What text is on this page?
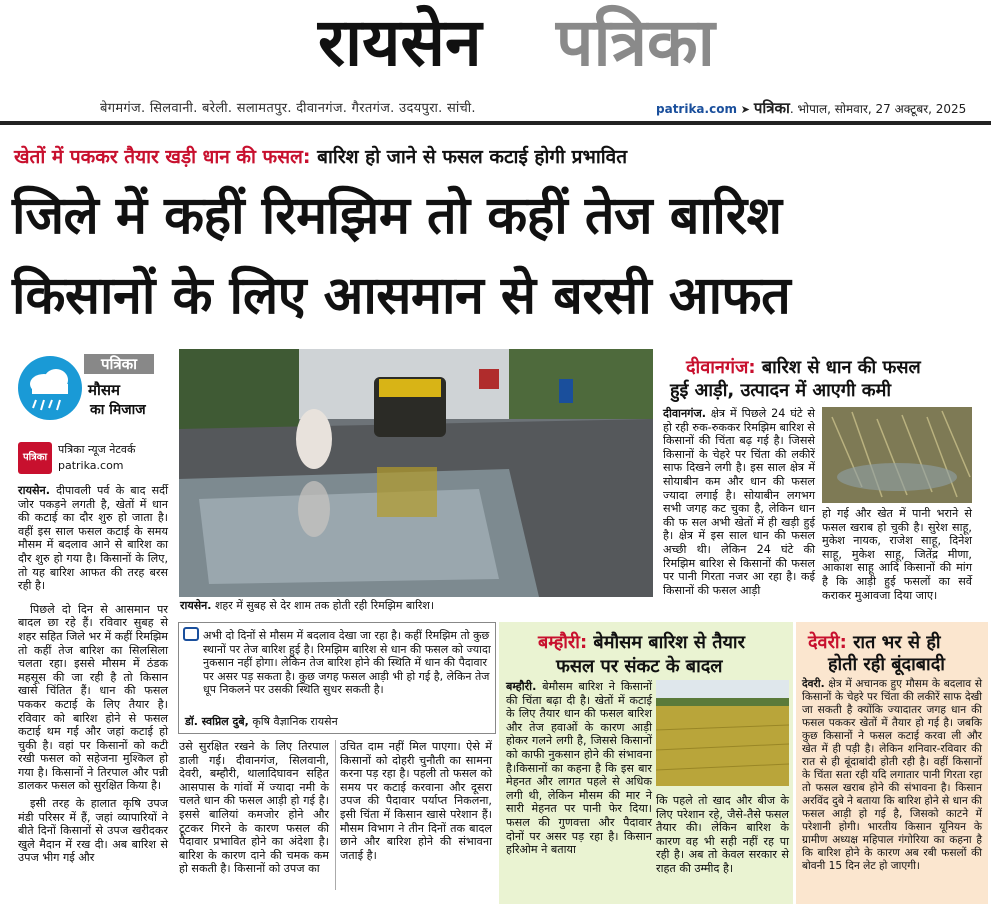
रायसेन पत्रिका
बेगमगंज. सिलवानी. बरेली. सलामतपुर. दीवानगंज. गैरतगंज. उदयपुरा. सांची.	patrika.com ➤ पत्रिका. भोपाल, सोमवार, 27 अक्टूबर, 2025
खेतों में पककर तैयार खड़ी धान की फसल: बारिश हो जाने से फसल कटाई होगी प्रभावित
जिले में कहीं रिमझिम तो कहीं तेज बारिश
किसानों के लिए आसमान से बरसी आफत
पत्रिका
मौसम
का मिजाज
पत्रिका
पत्रिका न्यूज नेटवर्क
patrika.com

रायसेन. दीपावली पर्व के बाद सर्दी जोर पकड़ने लगती है, खेतों में धान की कटाई का दौर शुरु हो जाता है। वहीं इस साल फसल कटाई के समय मौसम में बदलाव आने से बारिश का दौर शुरु हो गया है। किसानों के लिए, तो यह बारिश आफत की तरह बरस रही है।

पिछले दो दिन से आसमान पर बादल छा रहे हैं। रविवार सुबह से शहर सहित जिले भर में कहीं रिमझिम तो कहीं तेज बारिश का सिलसिला चलता रहा। इससे मौसम में ठंडक महसूस की जा रही है तो किसान खासे चिंतित हैं। धान की फसल पककर कटाई के लिए तैयार है। रविवार को बारिश होने से फसल कटाई थम गई और जहां कटाई हो चुकी है। वहां पर किसानों को कटी रखी फसल को सहेजना मुश्किल हो गया है। किसानों ने तिरपाल और पन्नी डालकर फसल को सुरक्षित किया है।

इसी तरह के हालात कृषि उपज मंडी परिसर में हैं, जहां व्यापारियों ने बीते दिनों किसानों से उपज खरीदकर खुले मैदान में रख दी। अब बारिश से उपज भीग गई और

रायसेन. शहर में सुबह से देर शाम तक होती रही रिमझिम बारिश।
अभी दो दिनों से मौसम में बदलाव देखा जा रहा है। कहीं रिमझिम तो कुछ स्थानों पर तेज बारिश हुई है। रिमझिम बारिश से धान की फसल को ज्यादा नुकसान नहीं होगा। लेकिन तेज बारिश होने की स्थिति में धान की पैदावार पर असर पड़ सकता है। कुछ जगह फसल आड़ी भी हो गई है, लेकिन तेज धूप निकलने पर उसकी स्थिति सुधर सकती है।
डॉ. स्वप्निल दुबे, कृषि वैज्ञानिक रायसेन
उसे सुरक्षित रखने के लिए तिरपाल डाली गई। दीवानगंज, सिलवानी, देवरी, बम्हौरी, थालादिघावन सहित आसपास के गांवों में ज्यादा नमी के चलते धान की फसल आड़ी हो गई है। इससे बालियां कमजोर होने और टूटकर गिरने के कारण फसल की पैदावार प्रभावित होने का अंदेशा है। बारिश के कारण दाने की चमक कम हो सकती है। किसानों को उपज का
उचित दाम नहीं मिल पाएगा। ऐसे में किसानों को दोहरी चुनौती का सामना करना पड़ रहा है। पहली तो फसल को समय पर कटाई करवाना और दूसरा उपज की पैदावार पर्याप्त निकलना, इसी चिंता में किसान खासे परेशान हैं। मौसम विभाग ने तीन दिनों तक बादल छाने और बारिश होने की संभावना जताई है।
दीवानगंज: बारिश से धान की फसल
हुई आड़ी, उत्पादन में आएगी कमी
दीवानगंज. क्षेत्र में पिछले 24 घंटे से हो रही रुक-रुककर रिमझिम बारिश से किसानों की चिंता बढ़ गई है। जिससे किसानों के चेहरे पर चिंता की लकीरें साफ दिखने लगी है। इस साल क्षेत्र में सोयाबीन कम और धान की फसल ज्यादा लगाई है। सोयाबीन लगभग सभी जगह कट चुका है, लेकिन धान की फ सल अभी खेतों में ही खड़ी हुई है। क्षेत्र में इस साल धान की फसल अच्छी थी। लेकिन 24 घंटे की रिमझिम बारिश से किसानों की फसल पर पानी गिरता नजर आ रहा है। कई किसानों की फसल आड़ी
हो गई और खेत में पानी भराने से फसल खराब हो चुकी है। सुरेश साहू, मुकेश नायक, राजेश साहू, दिनेश साहू, मुकेश साहू, जितेंद्र मीणा, आकाश साहू आदि किसानों की मांग है कि आड़ी हुई फसलों का सर्वे कराकर मुआवजा दिया जाए।
बम्हौरी: बेमौसम बारिश से तैयार
फसल पर संकट के बादल
बम्हौरी. बेमौसम बारिश ने किसानों की चिंता बढ़ा दी है। खेतों में कटाई के लिए तैयार धान की फसल बारिश और तेज हवाओं के कारण आड़ी होकर गलने लगी है, जिससे किसानों को काफी नुकसान होने की संभावना है।किसानों का कहना है कि इस बार मेहनत और लागत पहले से अधिक लगी थी, लेकिन मौसम की मार ने सारी मेहनत पर पानी फेर दिया। फसल की गुणवत्ता और पैदावार दोनों पर असर पड़ रहा है। किसान हरिओम ने बताया
कि पहले तो खाद और बीज के लिए परेशान रहे, जैसे-तैसे फसल तैयार की। लेकिन बारिश के कारण वह भी सही नहीं रह पा रही है। अब तो केवल सरकार से राहत की उम्मीद है।
देवरी: रात भर से ही
होती रही बूंदाबादी
देवरी. क्षेत्र में अचानक हुए मौसम के बदलाव से किसानों के चेहरे पर चिंता की लकीरें साफ देखी जा सकती है क्योंकि ज्यादातर जगह धान की फसल पककर खेतों में तैयार हो गई है। जबकि कुछ किसानों ने फसल कटाई करवा ली और खेत में ही पड़ी है। लेकिन शनिवार-रविवार की रात से ही बूंदाबांदी होती रही है। वहीं किसानों के चिंता सता रही यदि लगातार पानी गिरता रहा तो फसल खराब होने की संभावना है। किसान अरविंद दुबे ने बताया कि बारिश होने से धान की फसल आड़ी हो गई है, जिसको काटने में परेशानी होगी। भारतीय किसान यूनियन के ग्रामीण अध्यक्ष महिपाल गंगोरिया का कहना है कि बारिश होने के कारण अब रबी फसलों की बोवनी 15 दिन लेट हो जाएगी।
